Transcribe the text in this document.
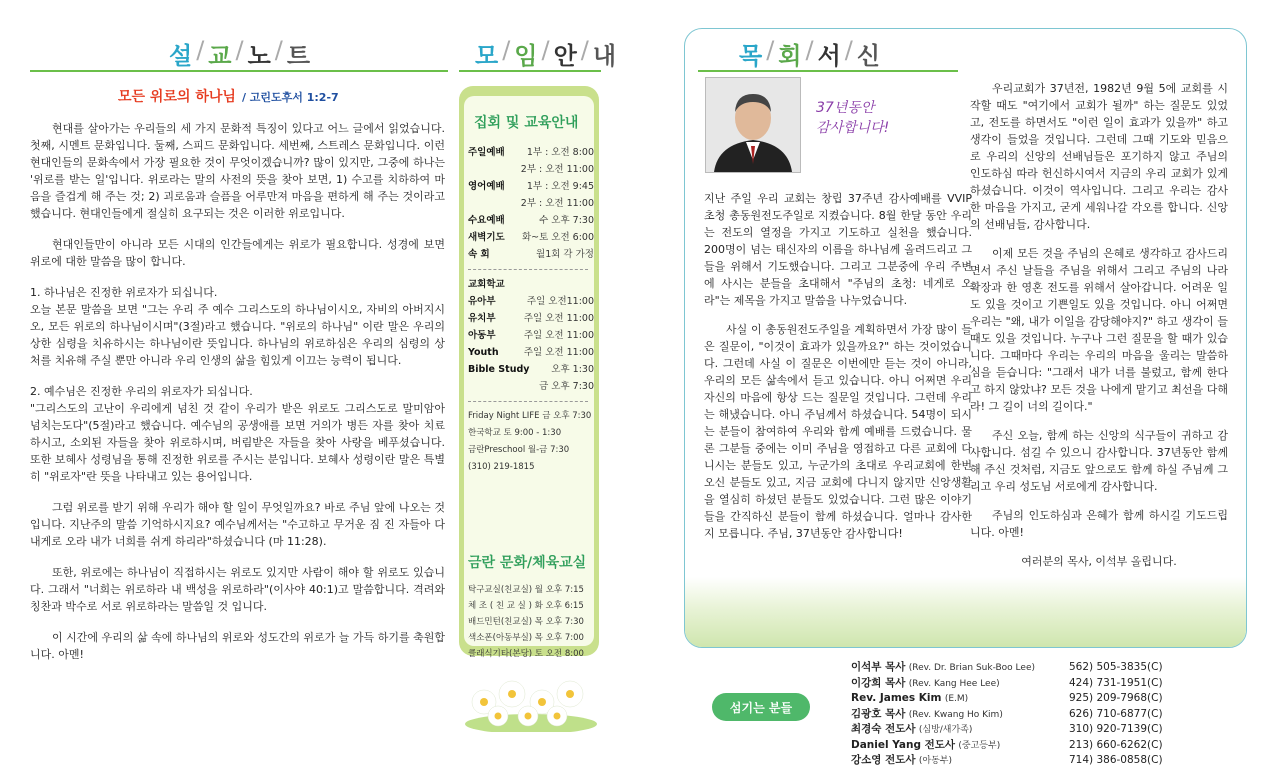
설 / 교 / 노 / 트
모든 위로의 하나님 / 고린도후서 1:2-7

현대를 살아가는 우리들의 세 가지 문화적 특징이 있다고 어느 글에서 읽었습니다. 첫째, 시멘트 문화입니다. 둘째, 스피드 문화입니다. 세번째, 스트레스 문화입니다. 이런 현대인들의 문화속에서 가장 필요한 것이 무엇이겠습니까? 많이 있지만, 그중에 하나는 '위로를 받는 일'입니다. 위로라는 말의 사전의 뜻을 찾아 보면, 1) 수고를 치하하여 마음을 즐겁게 해 주는 것; 2) 괴로움과 슬픔을 어루만져 마음을 편하게 해 주는 것이라고 했습니다. 현대인들에게 절실히 요구되는 것은 이러한 위로입니다.

현대인들만이 아니라 모든 시대의 인간들에게는 위로가 필요합니다. 성경에 보면 위로에 대한 말씀을 많이 합니다.

1. 하나님은 진정한 위로자가 되십니다.
오늘 본문 말씀을 보면 "그는 우리 주 예수 그리스도의 하나님이시오, 자비의 아버지시오, 모든 위로의 하나님이시며"(3절)라고 했습니다. "위로의 하나님" 이란 말은 우리의 상한 심령을 치유하시는 하나님이란 뜻입니다. 하나님의 위로하심은 우리의 심령의 상처를 치유해 주실 뿐만 아니라 우리 인생의 삶을 힘있게 이끄는 능력이 됩니다.

2. 예수님은 진정한 우리의 위로자가 되십니다.
"그리스도의 고난이 우리에게 넘친 것 같이 우리가 받은 위로도 그리스도로 말미암아 넘치는도다"(5절)라고 했습니다. 예수님의 공생애를 보면 거의가 병든 자를 찾아 치료하시고, 소외된 자들을 찾아 위로하시며, 버림받은 자들을 찾아 사랑을 베푸셨습니다. 또한 보혜사 성령님을 통해 진정한 위로를 주시는 분입니다. 보혜사 성령이란 말은 특별히 "위로자"란 뜻을 나타내고 있는 용어입니다.

그럼 위로를 받기 위해 우리가 해야 할 일이 무엇일까요? 바로 주님 앞에 나오는 것입니다. 지난주의 말씀 기억하시지요? 예수님께서는 "수고하고 무거운 짐 진 자들아 다 내게로 오라 내가 너희를 쉬게 하리라"하셨습니다 (마 11:28).

또한, 위로에는 하나님이 직접하시는 위로도 있지만 사람이 해야 할 위로도 있습니다. 그래서 "너희는 위로하라 내 백성을 위로하라"(이사야 40:1)고 말씀합니다. 격려와 칭찬과 박수로 서로 위로하라는 말씀일 것 입니다.

이 시간에 우리의 삶 속에 하나님의 위로와 성도간의 위로가 늘 가득 하기를 축원합니다. 아멘!

모 / 임 / 안 / 내
집회 및 교육안내
주일예배 1부 : 오전 8:00
2부 : 오전 11:00
영어예배 1부 : 오전 9:45
2부 : 오전 11:00
수요예배	수 오후 7:30
새벽기도 화~토 오전 6:00
속 회	월1회 각 가정
교회학교
유아부	주일 오전11:00
유치부	주일 오전 11:00
아동부	주일 오전 11:00
Youth	주일 오전 11:00
Bible Study 오후 1:30
금 오후 7:30
Friday Night LIFE 금 오후 7:30
한국학교 토 9:00 - 1:30
금란Preschool 월-금 7:30
(310) 219-1815
금란 문화/체육교실
탁구교실(친교실) 월 오후 7:15
체 조 ( 친 교 실 ) 화 오후 6:15
배드민턴(친교실) 목 오후 7:30
색소폰(아동부실) 목 오후 7:00
클래식기타(본당) 토 오전 8:00
목 / 회 / 서 / 신
37년동안
감사합니다!

지난 주일 우리 교회는 창립 37주년 감사예배를 VVIP 초청 총동원전도주일로 지켰습니다. 8월 한달 동안 우리는 전도의 열정을 가지고 기도하고 실천을 했습니다. 200명이 넘는 태신자의 이름을 하나님께 올려드리고 그들을 위해서 기도했습니다. 그리고 그분중에 우리 주변에 사시는 분들을 초대해서 "주님의 초청: 네게로 오라"는 제목을 가지고 말씀을 나누었습니다.

사실 이 총동원전도주일을 계획하면서 가장 많이 들은 질문이, "이것이 효과가 있을까요?" 하는 것이었습니다. 그런데 사실 이 질문은 이번에만 듣는 것이 아니라, 우리의 모든 삶속에서 듣고 있습니다. 아니 어쩌면 우리 자신의 마음에 항상 드는 질문일 것입니다. 그런데 우리는 해냈습니다. 아니 주님께서 하셨습니다. 54명이 되시는 분들이 참여하여 우리와 함께 예배를 드렸습니다. 물론 그분들 중에는 이미 주님을 영접하고 다른 교회에 다니시는 분들도 있고, 누군가의 초대로 우리교회에 한번 오신 분들도 있고, 지금 교회에 다니지 않지만 신앙생활을 열심히 하셨던 분들도 있었습니다. 그런 많은 이야기들을 간직하신 분들이 함께 하셨습니다. 얼마나 감사한지 모릅니다. 주님, 37년동안 감사합니다!

우리교회가 37년전, 1982년 9월 5에 교회를 시작할 때도 "여기에서 교회가 될까" 하는 질문도 있었고, 전도를 하면서도 "이런 일이 효과가 있을까" 하고 생각이 들었을 것입니다. 그런데 그때 기도와 믿음으로 우리의 신앙의 선배님들은 포기하지 않고 주님의 인도하심 따라 헌신하시여서 지금의 우리 교회가 있게 하셨습니다. 이것이 역사입니다. 그리고 우리는 감사한 마음을 가지고, 굳게 세워나갈 각오를 합니다. 신앙의 선배님들, 감사합니다.

이제 모든 것을 주님의 은혜로 생각하고 감사드리면서 주신 날들을 주님을 위해서 그리고 주님의 나라 확장과 한 영혼 전도를 위해서 살아갑니다. 어려운 일도 있을 것이고 기쁜일도 있을 것입니다. 아니 어쩌면 우리는 "왜, 내가 이일을 감당해야지?" 하고 생각이 들때도 있을 것입니다. 누구나 그런 질문을 할 때가 있습니다. 그때마다 우리는 우리의 마음을 울리는 말씀하심을 듣습니다: "그래서 내가 너를 불렀고, 함께 한다고 하지 않았냐? 모든 것을 나에게 맡기고 최선을 다해라! 그 길이 너의 길이다."

주신 오늘, 함께 하는 신앙의 식구들이 귀하고 감사합니다. 섬길 수 있으니 감사합니다. 37년동안 함께 해 주신 것처럼, 지금도 앞으로도 함께 하실 주님께 그리고 우리 성도님 서로에게 감사합니다.

주님의 인도하심과 은혜가 함께 하시길 기도드립니다. 아멘!

여러분의 목사, 이석부 올립니다.

섬기는 분들
이석부 목사 (Rev. Dr. Brian Suk-Boo Lee)	562) 505-3835(C)
이강희 목사 (Rev. Kang Hee Lee)	424) 731-1951(C)
Rev. James Kim (E.M)	925) 209-7968(C)
김광호 목사 (Rev. Kwang Ho Kim)	626) 710-6877(C)
최경숙 전도사 (심방/새가족)	310) 920-7139(C)
Daniel Yang 전도사 (중고등부)	213) 660-6262(C)
강소영 전도사 (아동부)	714) 386-0858(C)
